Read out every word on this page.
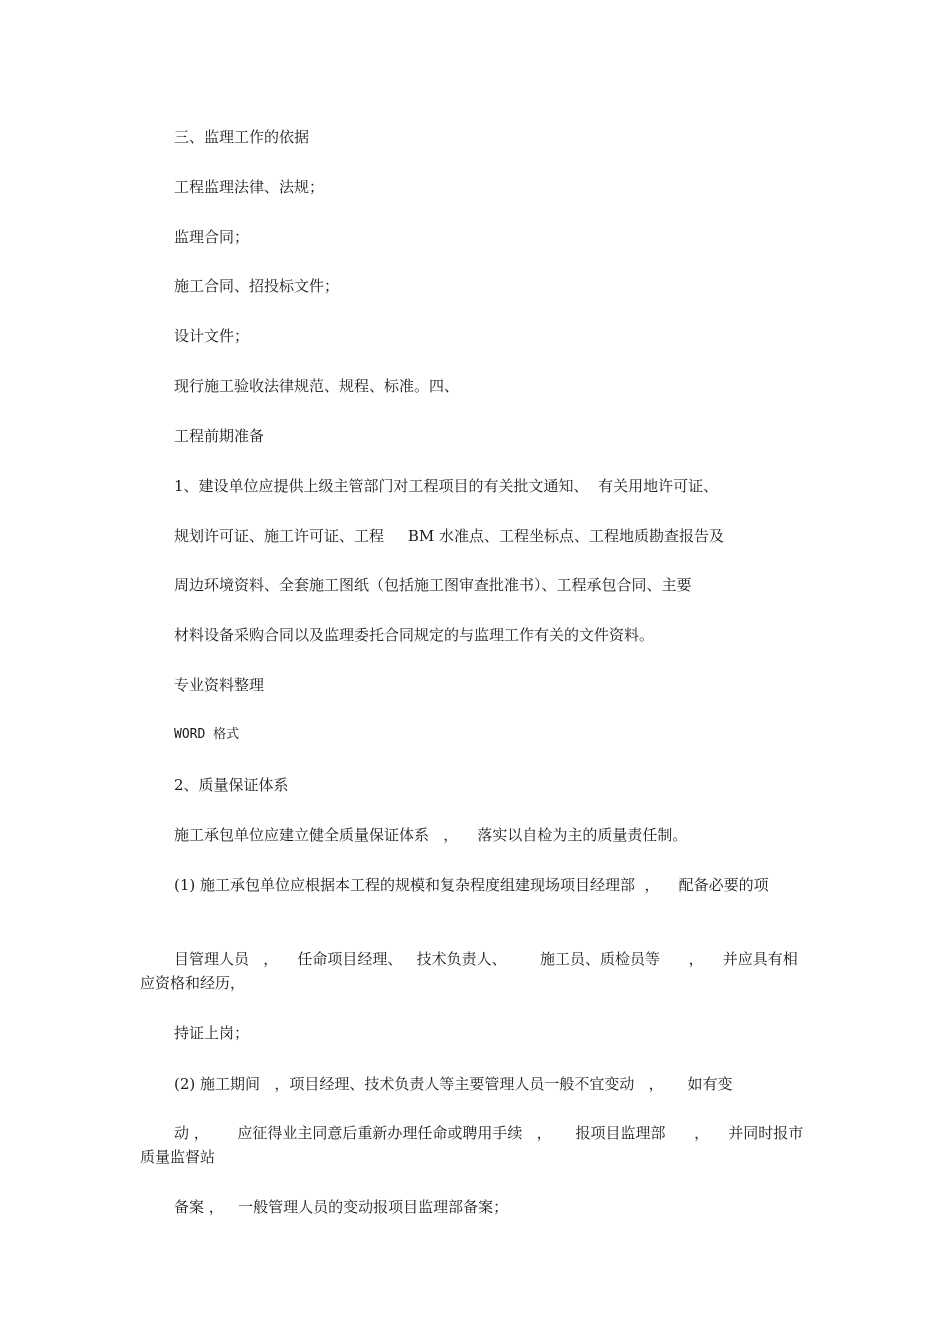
三、监理工作的依据

工程监理法律、法规；

监理合同；

施工合同、招投标文件；

设计文件；

现行施工验收法律规范、规程、标准。四、

工程前期准备

1、建设单位应提供上级主管部门对工程项目的有关批文通知、  有关用地许可证、

规划许可证、施工许可证、工程     BM 水准点、工程坐标点、工程地质勘查报告及

周边环境资料、全套施工图纸（包括施工图审查批准书）、工程承包合同、主要

材料设备采购合同以及监理委托合同规定的与监理工作有关的文件资料。

专业资料整理

WORD 格式

2、质量保证体系

施工承包单位应建立健全质量保证体系   ，    落实以自检为主的质量责任制。

(1) 施工承包单位应根据本工程的规模和复杂程度组建现场项目经理部  ，    配备必要的项

目管理人员   ，    任命项目经理、   技术负责人、       施工员、质检员等      ，    并应具有相应资格和经历，

持证上岗；

(2) 施工期间   ，项目经理、技术负责人等主要管理人员一般不宜变动   ，     如有变

动 ，      应征得业主同意后重新办理任命或聘用手续   ，     报项目监理部      ，    并同时报市质量监督站

备案 ，   一般管理人员的变动报项目监理部备案；
